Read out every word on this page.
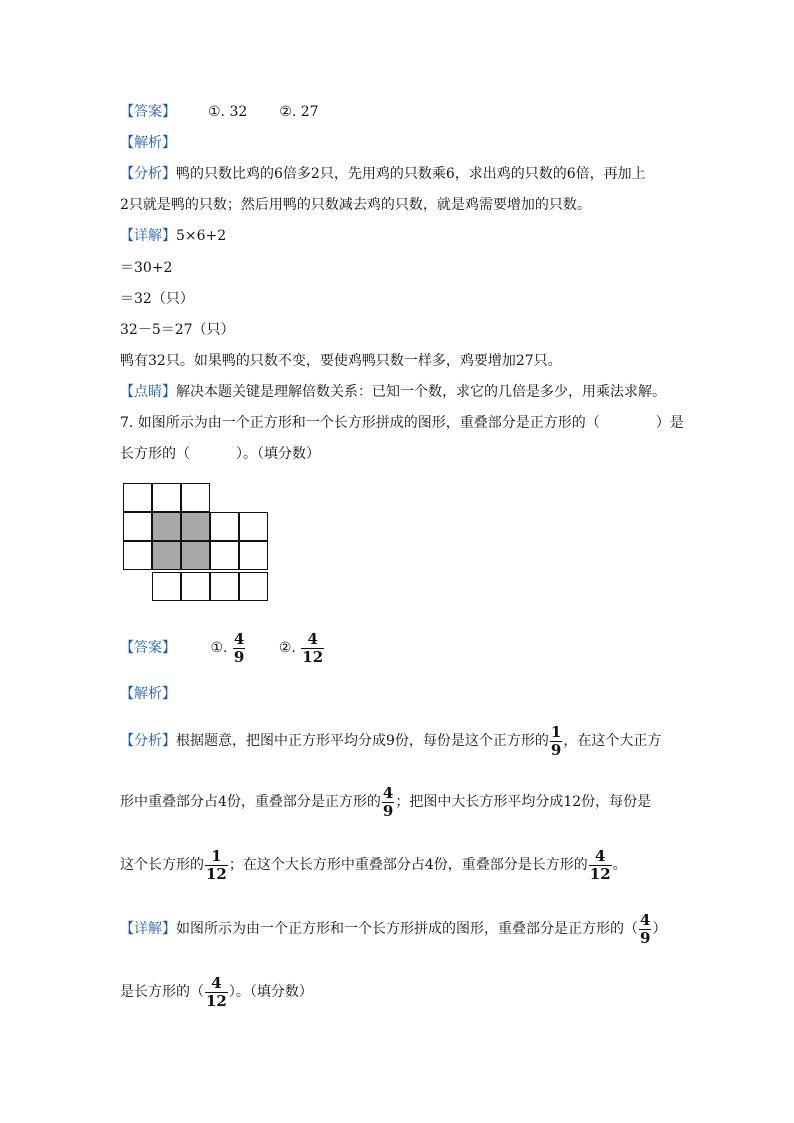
【答案】 ①. 32 ②. 27
【解析】
【分析】鸭的只数比鸡的6倍多2只，先用鸡的只数乘6，求出鸡的只数的6倍，再加上
2只就是鸭的只数；然后用鸭的只数减去鸡的只数，就是鸡需要增加的只数。
【详解】5×6+2
＝30+2
＝32（只）
32－5＝27（只）
鸭有32只。如果鸭的只数不变，要使鸡鸭只数一样多，鸡要增加27只。
【点睛】解决本题关键是理解倍数关系：已知一个数，求它的几倍是多少，用乘法求解。
7. 如图所示为由一个正方形和一个长方形拼成的图形，重叠部分是正方形的（	）是
长方形的（	）。（填分数）
【答案】 ①. $\frac{4}{9}$ ②. $\frac{4}{12}$
【解析】
【分析】根据题意，把图中正方形平均分成9份，每份是这个正方形的 $\frac{1}{9}$ ，在这个大正方
形中重叠部分占4份，重叠部分是正方形的 $\frac{4}{9}$ ；把图中大长方形平均分成12份，每份是
这个长方形的 $\frac{1}{12}$ ；在这个大长方形中重叠部分占4份，重叠部分是长方形的 $\frac{4}{12}$ 。
【详解】如图所示为由一个正方形和一个长方形拼成的图形，重叠部分是正方形的（ $\frac{4}{9}$ ）
是长方形的（ $\frac{4}{12}$ ）。（填分数）
